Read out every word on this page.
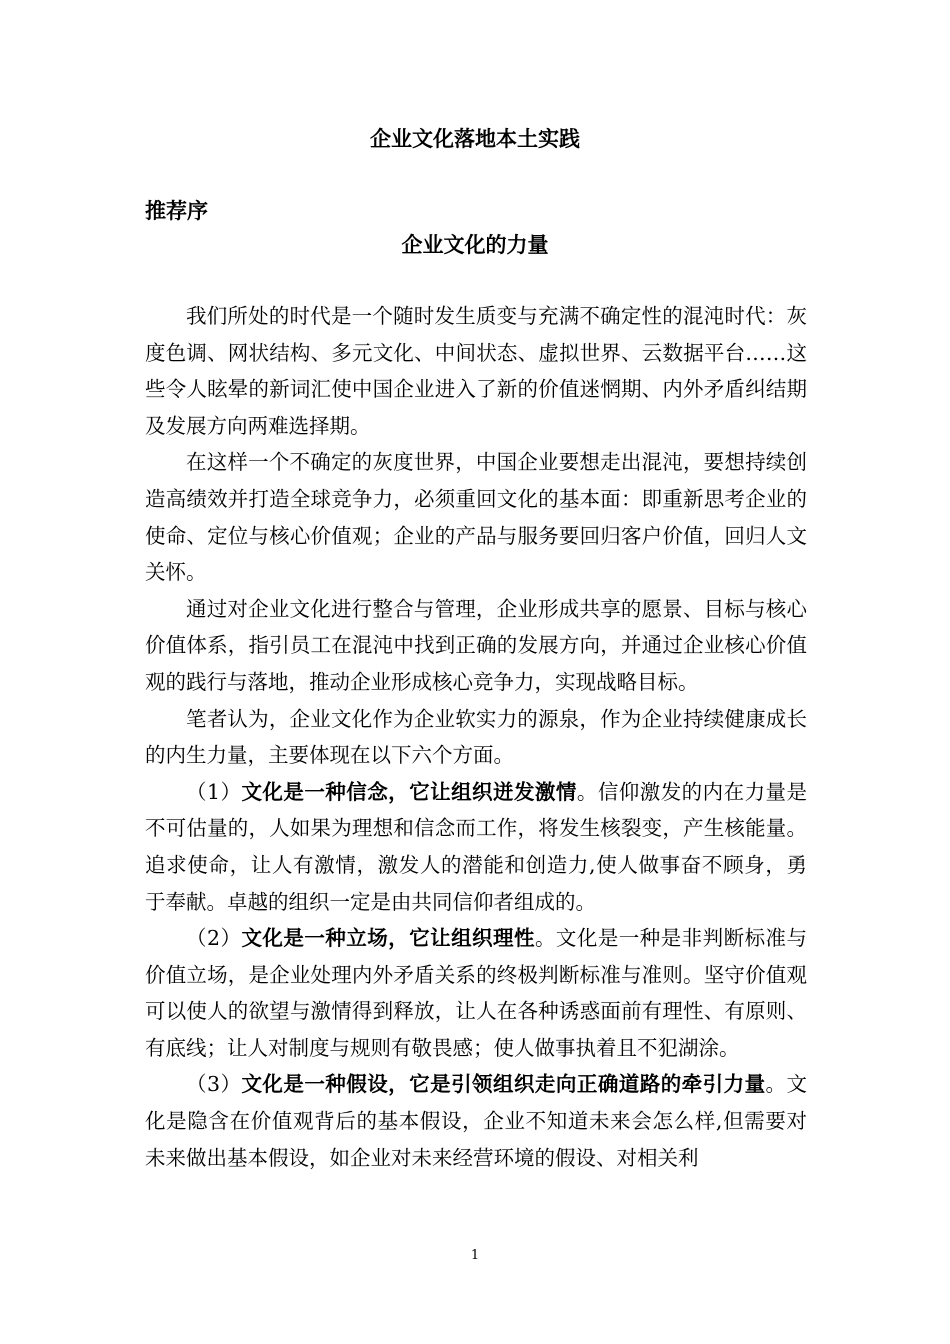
企业文化落地本土实践
推荐序
企业文化的力量

我们所处的时代是一个随时发生质变与充满不确定性的混沌时代：灰度色调、网状结构、多元文化、中间状态、虚拟世界、云数据平台……这些令人眩晕的新词汇使中国企业进入了新的价值迷惘期、内外矛盾纠结期及发展方向两难选择期。

在这样一个不确定的灰度世界，中国企业要想走出混沌，要想持续创造高绩效并打造全球竞争力，必须重回文化的基本面：即重新思考企业的使命、定位与核心价值观；企业的产品与服务要回归客户价值，回归人文关怀。

通过对企业文化进行整合与管理，企业形成共享的愿景、目标与核心价值体系，指引员工在混沌中找到正确的发展方向，并通过企业核心价值观的践行与落地，推动企业形成核心竞争力，实现战略目标。

笔者认为，企业文化作为企业软实力的源泉，作为企业持续健康成长的内生力量，主要体现在以下六个方面。

（1）文化是一种信念，它让组织迸发激情。信仰激发的内在力量是不可估量的，人如果为理想和信念而工作，将发生核裂变，产生核能量。追求使命，让人有激情，激发人的潜能和创造力,使人做事奋不顾身，勇于奉献。卓越的组织一定是由共同信仰者组成的。

（2）文化是一种立场，它让组织理性。文化是一种是非判断标准与价值立场，是企业处理内外矛盾关系的终极判断标准与准则。坚守价值观可以使人的欲望与激情得到释放，让人在各种诱惑面前有理性、有原则、有底线；让人对制度与规则有敬畏感；使人做事执着且不犯湖涂。

（3）文化是一种假设，它是引领组织走向正确道路的牵引力量。文化是隐含在价值观背后的基本假设，企业不知道未来会怎么样,但需要对未来做出基本假设，如企业对未来经营环境的假设、对相关利

1
